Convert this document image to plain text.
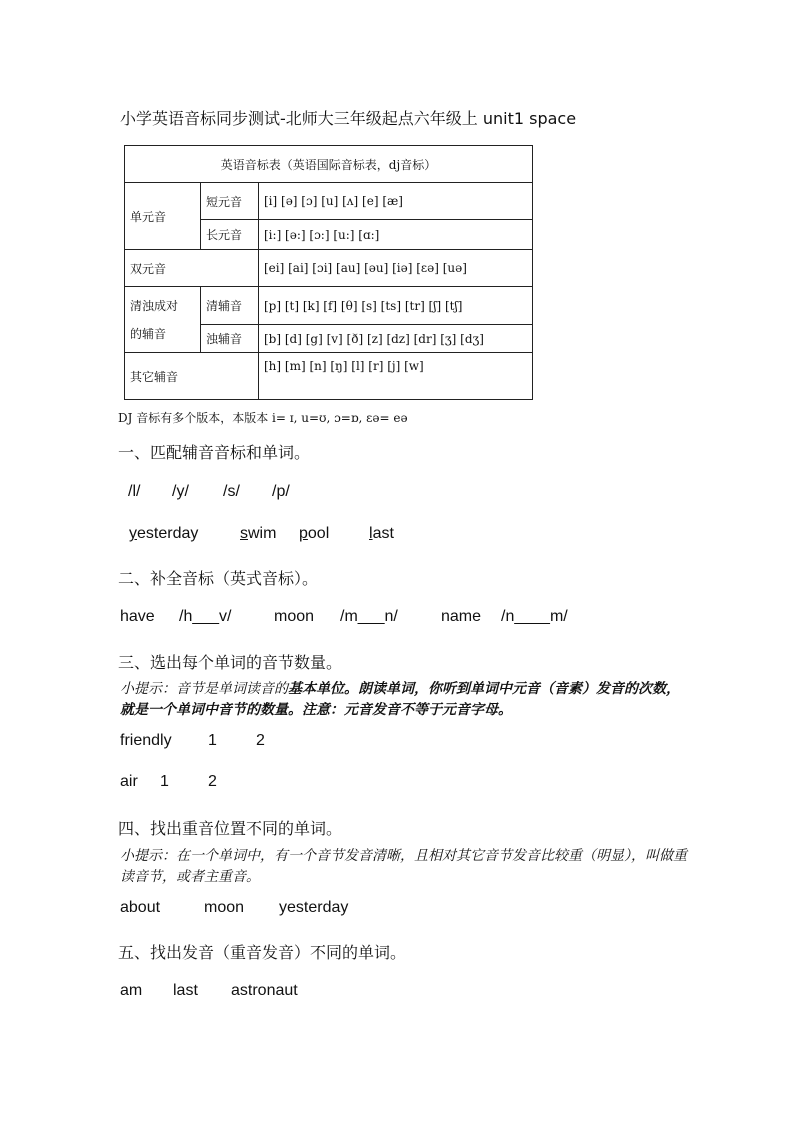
小学英语音标同步测试-北师大三年级起点六年级上 unit1 space

英语音标表（英语国际音标表，dj音标）		
单元音	短元音	[i] [ə] [ɔ] [u] [ʌ] [e] [æ]
	长元音	[i:] [ə:] [ɔ:] [u:] [ɑ:]
双元音		[ei] [ai] [ɔi] [au] [əu] [iə] [εə] [uə]
清浊成对
的辅音	清辅音	[p] [t] [k] [f] [θ] [s] [ts] [tr] [ʃ] [tʃ]
	浊辅音	[b] [d] [g] [v] [ð] [z] [dz] [dr] [ʒ] [dʒ]
其它辅音		[h] [m] [n] [ŋ] [l] [r] [j] [w]

DJ 音标有多个版本，本版本 i= ɪ, u=ʊ, ɔ=ɒ, εə= eə

一、匹配辅音音标和单词。

/l/ /y/ /s/ /p/

yesterday	swim pool last

二、补全音标（英式音标）。

have /h___v/	moon /m___n/	name /n____m/

三、选出每个单词的音节数量。

小提示：音节是单词读音的基本单位。朗读单词，你听到单词中元音（音素）发音的次数，就是一个单词中音节的数量。注意：元音发音不等于元音字母。

friendly 1 2

air 1 2

四、找出重音位置不同的单词。

小提示：在一个单词中，有一个音节发音清晰，且相对其它音节发音比较重（明显），叫做重读音节，或者主重音。

about	moon yesterday

五、找出发音（重音发音）不同的单词。

am last astronaut
